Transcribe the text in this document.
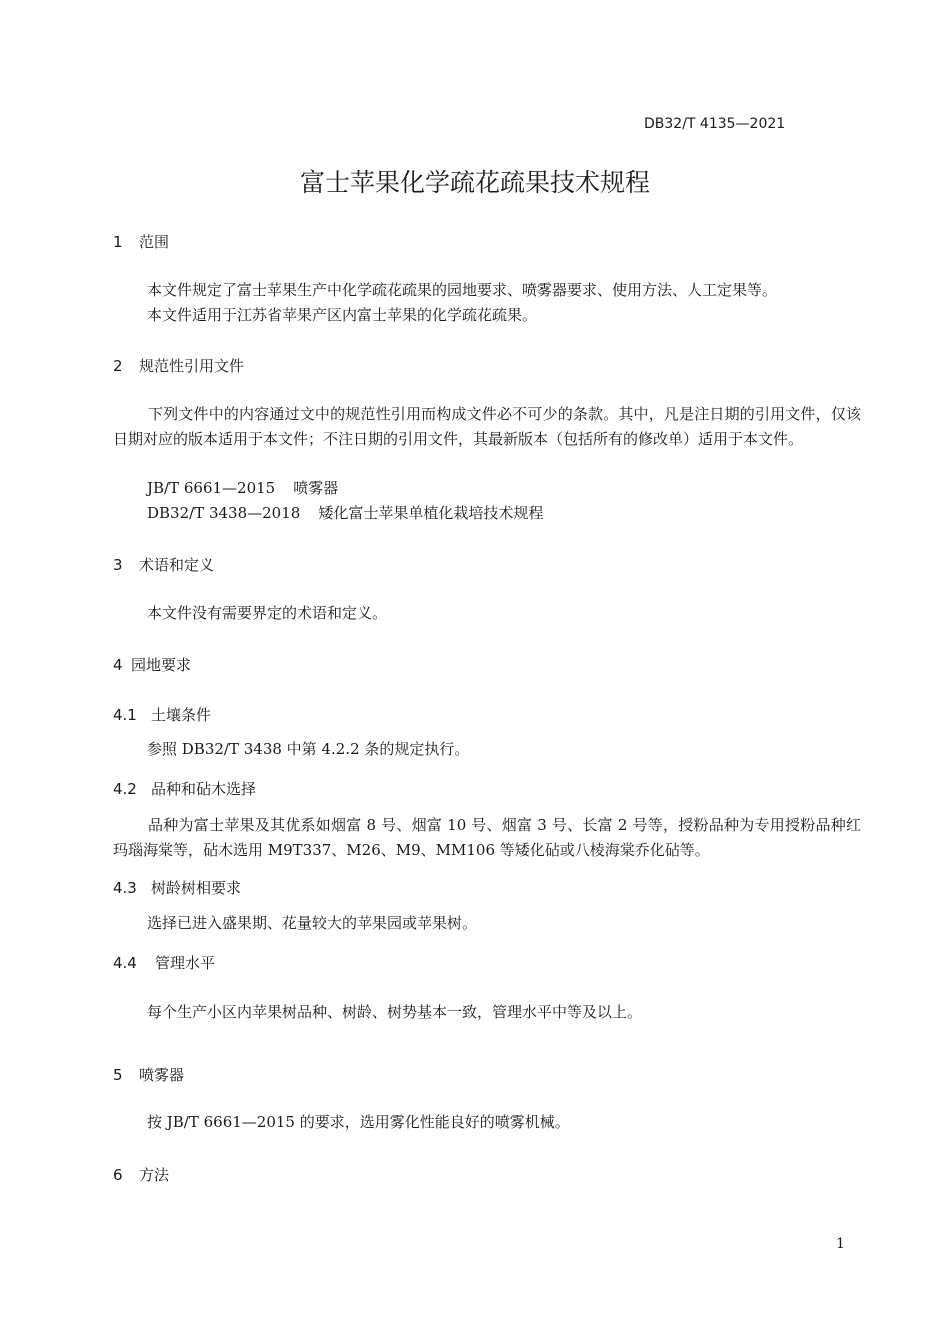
DB32/T 4135—2021
富士苹果化学疏花疏果技术规程
1 范围
本文件规定了富士苹果生产中化学疏花疏果的园地要求、喷雾器要求、使用方法、人工定果等。
本文件适用于江苏省苹果产区内富士苹果的化学疏花疏果。
2 规范性引用文件
下列文件中的内容通过文中的规范性引用而构成文件必不可少的条款。其中，凡是注日期的引用文件，仅该日期对应的版本适用于本文件；不注日期的引用文件，其最新版本（包括所有的修改单）适用于本文件。
JB/T 6661—2015 喷雾器
DB32/T 3438—2018 矮化富士苹果单植化栽培技术规程
3 术语和定义
本文件没有需要界定的术语和定义。
4 园地要求
4.1 土壤条件
参照 DB32/T 3438 中第 4.2.2 条的规定执行。
4.2 品种和砧木选择
品种为富士苹果及其优系如烟富 8 号、烟富 10 号、烟富 3 号、长富 2 号等，授粉品种为专用授粉品种红玛瑙海棠等，砧木选用 M9T337、M26、M9、MM106 等矮化砧或八棱海棠乔化砧等。
4.3 树龄树相要求
选择已进入盛果期、花量较大的苹果园或苹果树。
4.4 管理水平
每个生产小区内苹果树品种、树龄、树势基本一致，管理水平中等及以上。
5 喷雾器
按 JB/T 6661—2015 的要求，选用雾化性能良好的喷雾机械。
6 方法
1
